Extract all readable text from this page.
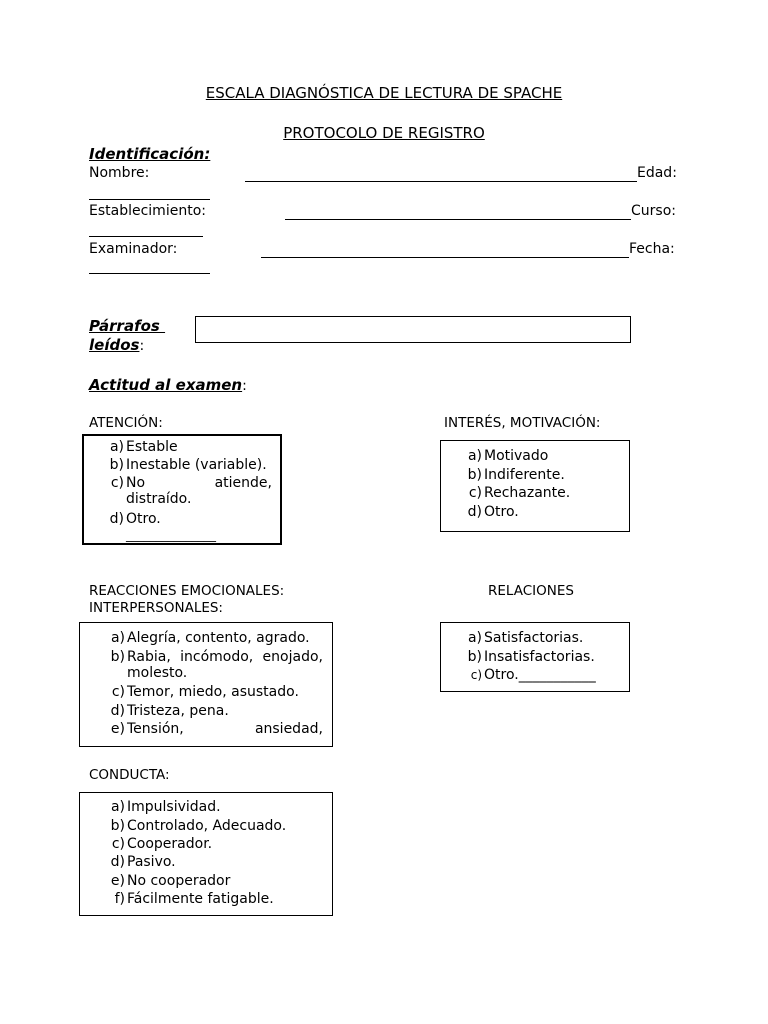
ESCALA DIAGNÓSTICA DE LECTURA DE SPACHE
PROTOCOLO DE REGISTRO
Identificación:
Nombre:	Edad:
Establecimiento:	Curso:
Examinador:	Fecha:
Párrafos
leídos:
Actitud al examen:
ATENCIÓN:
a) Estable
b) Inestable (variable).
c) No	atiende,
distraído.
d) Otro.
_______________
INTERÉS, MOTIVACIÓN:
a) Motivado
b) Indiferente.
c) Rechazante.
d) Otro.
REACCIONES EMOCIONALES:
INTERPERSONALES:
a) Alegría, contento, agrado.
b) Rabia, incómodo, enojado,
molesto.
c) Temor, miedo, asustado.
d) Tristeza, pena.
e) Tensión,	ansiedad,
RELACIONES
a) Satisfactorias.
b) Insatisfactorias.
c) Otro.___________
CONDUCTA:
a) Impulsividad.
b) Controlado, Adecuado.
c) Cooperador.
d) Pasivo.
e) No cooperador
f) Fácilmente fatigable.
